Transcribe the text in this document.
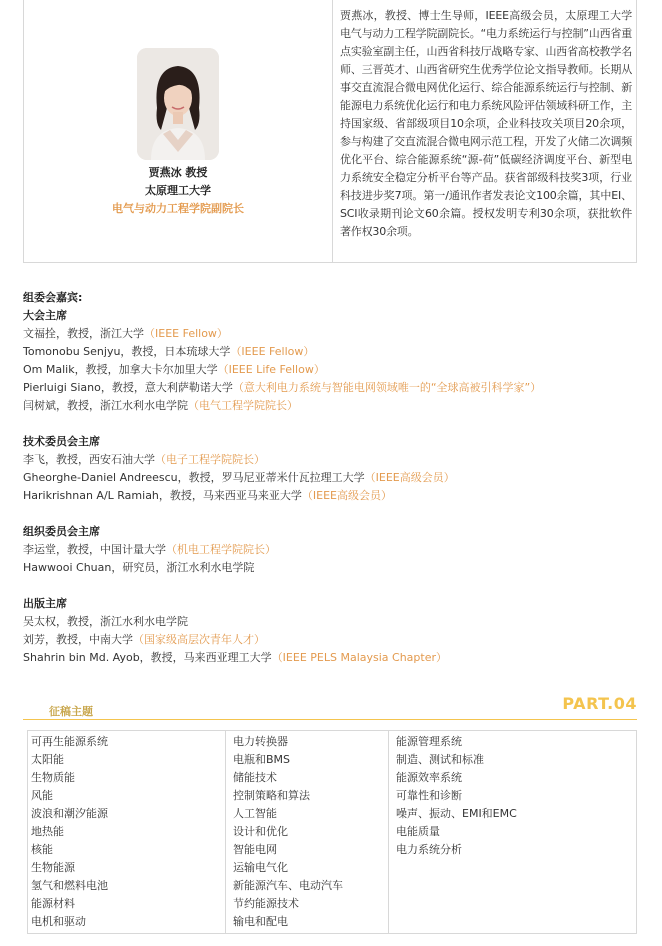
贾燕冰 教授
太原理工大学
电气与动力工程学院副院长

贾燕冰，教授、博士生导师，IEEE高级会员，太原理工大学电气与动力工程学院副院长。“电力系统运行与控制”山西省重点实验室副主任，山西省科技厅战略专家、山西省高校教学名师、三晋英才、山西省研究生优秀学位论文指导教师。长期从事交直流混合微电网优化运行、综合能源系统运行与控制、新能源电力系统优化运行和电力系统风险评估领域科研工作，主持国家级、省部级项目10余项，企业科技攻关项目20余项，参与构建了交直流混合微电网示范工程，开发了火储二次调频优化平台、综合能源系统“源-荷”低碳经济调度平台、新型电力系统安全稳定分析平台等产品。获省部级科技奖3项，行业科技进步奖7项。第一/通讯作者发表论文100余篇，其中EI、SCI收录期刊论文60余篇。授权发明专利30余项，获批软件著作权30余项。

组委会嘉宾:
大会主席
文福拴，教授，浙江大学（IEEE Fellow）
Tomonobu Senjyu，教授，日本琉球大学（IEEE Fellow）
Om Malik，教授，加拿大卡尔加里大学（IEEE Life Fellow）
Pierluigi Siano，教授，意大利萨勒诺大学（意大利电力系统与智能电网领域唯一的“全球高被引科学家”）
闫树斌，教授，浙江水利水电学院（电气工程学院院长）
技术委员会主席
李飞，教授，西安石油大学（电子工程学院院长）
Gheorghe-Daniel Andreescu，教授，罗马尼亚蒂米什瓦拉理工大学（IEEE高级会员）
Harikrishnan A/L Ramiah，教授，马来西亚马来亚大学（IEEE高级会员）
组织委员会主席
李运堂，教授，中国计量大学（机电工程学院院长）
Hawwooi Chuan，研究员，浙江水利水电学院
出版主席
吴太权，教授，浙江水利水电学院
刘芳，教授，中南大学（国家级高层次青年人才）
Shahrin bin Md. Ayob，教授，马来西亚理工大学（IEEE PELS Malaysia Chapter）
征稿主题	PART.04
可再生能源系统
太阳能
生物质能
风能
波浪和潮汐能源
地热能
核能
生物能源
氢气和燃料电池
能源材料
电机和驱动
电力转换器
电瓶和BMS
储能技术
控制策略和算法
人工智能
设计和优化
智能电网
运输电气化
新能源汽车、电动汽车
节约能源技术
输电和配电
能源管理系统
制造、测试和标准
能源效率系统
可靠性和诊断
噪声、振动、EMI和EMC
电能质量
电力系统分析
